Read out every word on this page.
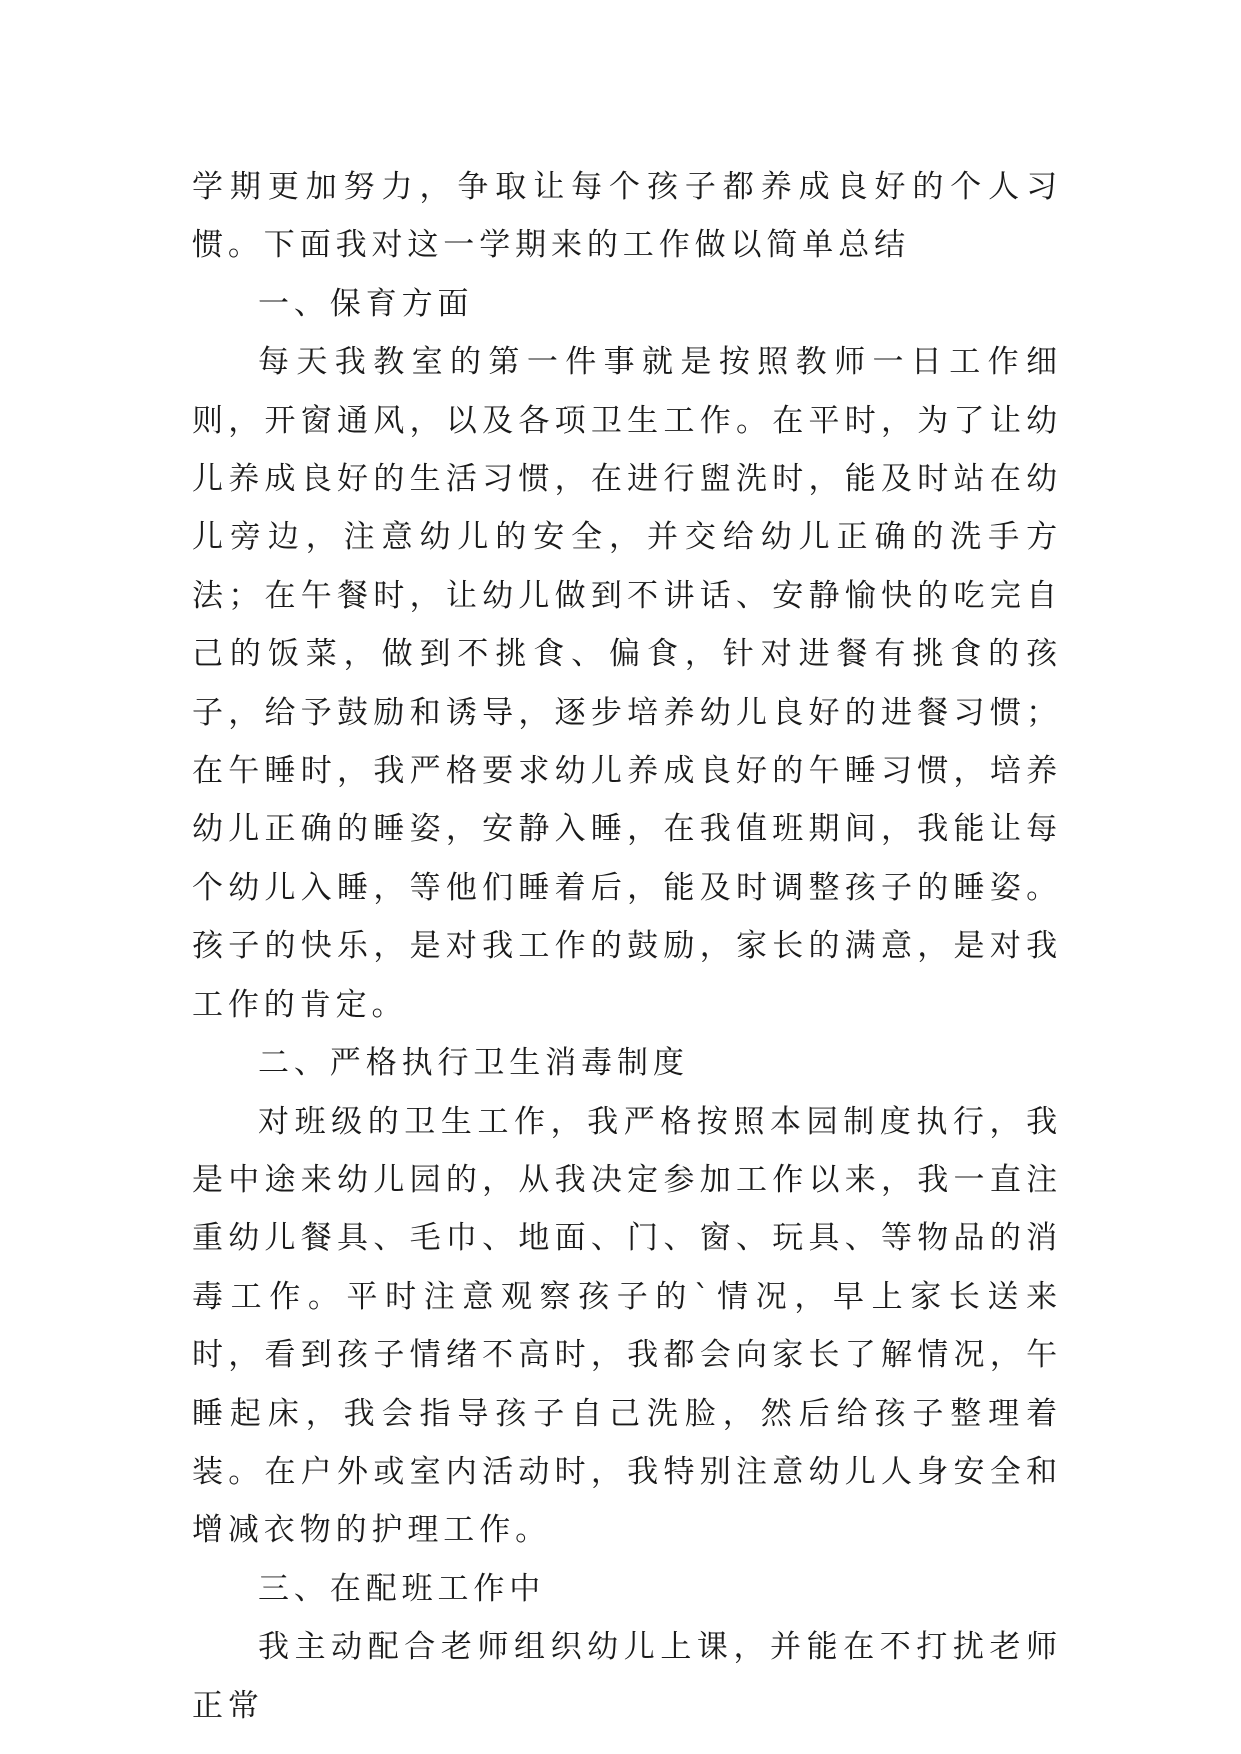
学期更加努力，争取让每个孩子都养成良好的个人习惯。下面我对这一学期来的工作做以简单总结

一、保育方面

每天我教室的第一件事就是按照教师一日工作细则，开窗通风，以及各项卫生工作。在平时，为了让幼儿养成良好的生活习惯，在进行盥洗时，能及时站在幼儿旁边，注意幼儿的安全，并交给幼儿正确的洗手方法；在午餐时，让幼儿做到不讲话、安静愉快的吃完自己的饭菜，做到不挑食、偏食，针对进餐有挑食的孩子，给予鼓励和诱导，逐步培养幼儿良好的进餐习惯；在午睡时，我严格要求幼儿养成良好的午睡习惯，培养幼儿正确的睡姿，安静入睡，在我值班期间，我能让每个幼儿入睡，等他们睡着后，能及时调整孩子的睡姿。孩子的快乐，是对我工作的鼓励，家长的满意，是对我工作的肯定。

二、严格执行卫生消毒制度

对班级的卫生工作，我严格按照本园制度执行，我是中途来幼儿园的，从我决定参加工作以来，我一直注重幼儿餐具、毛巾、地面、门、窗、玩具、等物品的消毒工作。平时注意观察孩子的`情况，早上家长送来时，看到孩子情绪不高时，我都会向家长了解情况，午睡起床，我会指导孩子自己洗脸，然后给孩子整理着装。在户外或室内活动时，我特别注意幼儿人身安全和增减衣物的护理工作。

三、在配班工作中

我主动配合老师组织幼儿上课，并能在不打扰老师正常
